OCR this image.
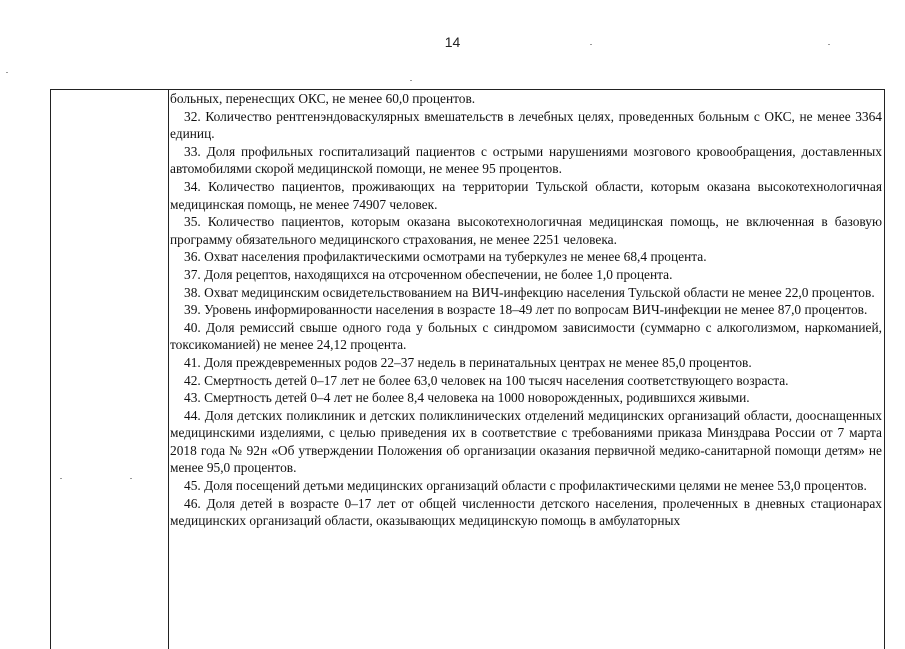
14

больных, перенесщих ОКС, не менее 60,0 процентов.

32. Количество рентгенэндоваскулярных вмешательств в лечебных целях, проведенных больным с ОКС, не менее 3364 единиц.

33. Доля профильных госпитализаций пациентов с острыми нарушениями мозгового кровообращения, доставленных автомобилями скорой медицинской помощи, не менее 95 процентов.

34. Количество пациентов, проживающих на территории Тульской области, которым оказана высокотехнологичная медицинская помощь, не менее 74907 человек.

35. Количество пациентов, которым оказана высокотехнологичная медицинская помощь, не включенная в базовую программу обязательного медицинского страхования, не менее 2251 человека.

36. Охват населения профилактическими осмотрами на туберкулез не менее 68,4 процента.

37. Доля рецептов, находящихся на отсроченном обеспечении, не более 1,0 процента.

38. Охват медицинским освидетельствованием на ВИЧ-инфекцию населения Тульской области не менее 22,0 процентов.

39. Уровень информированности населения в возрасте 18–49 лет по вопросам ВИЧ-инфекции не менее 87,0 процентов.

40. Доля ремиссий свыше одного года у больных с синдромом зависимости (суммарно с алкоголизмом, наркоманией, токсикоманией) не менее 24,12 процента.

41. Доля преждевременных родов 22–37 недель в перинатальных центрах не менее 85,0 процентов.

42. Смертность детей 0–17 лет не более 63,0 человек на 100 тысяч населения соответствующего возраста.

43. Смертность детей 0–4 лет не более 8,4 человека на 1000 новорожденных, родившихся живыми.

44. Доля детских поликлиник и детских поликлинических отделений медицинских организаций области, дооснащенных медицинскими изделиями, с целью приведения их в соответствие с требованиями приказа Минздрава России от 7 марта 2018 года № 92н «Об утверждении Положения об организации оказания первичной медико-санитарной помощи детям» не менее 95,0 процентов.

45. Доля посещений детьми медицинских организаций области с профилактическими целями не менее 53,0 процентов.

46. Доля детей в возрасте 0–17 лет от общей численности детского населения, пролеченных в дневных стационарах медицинских организаций области, оказывающих медицинскую помощь в амбулаторных
